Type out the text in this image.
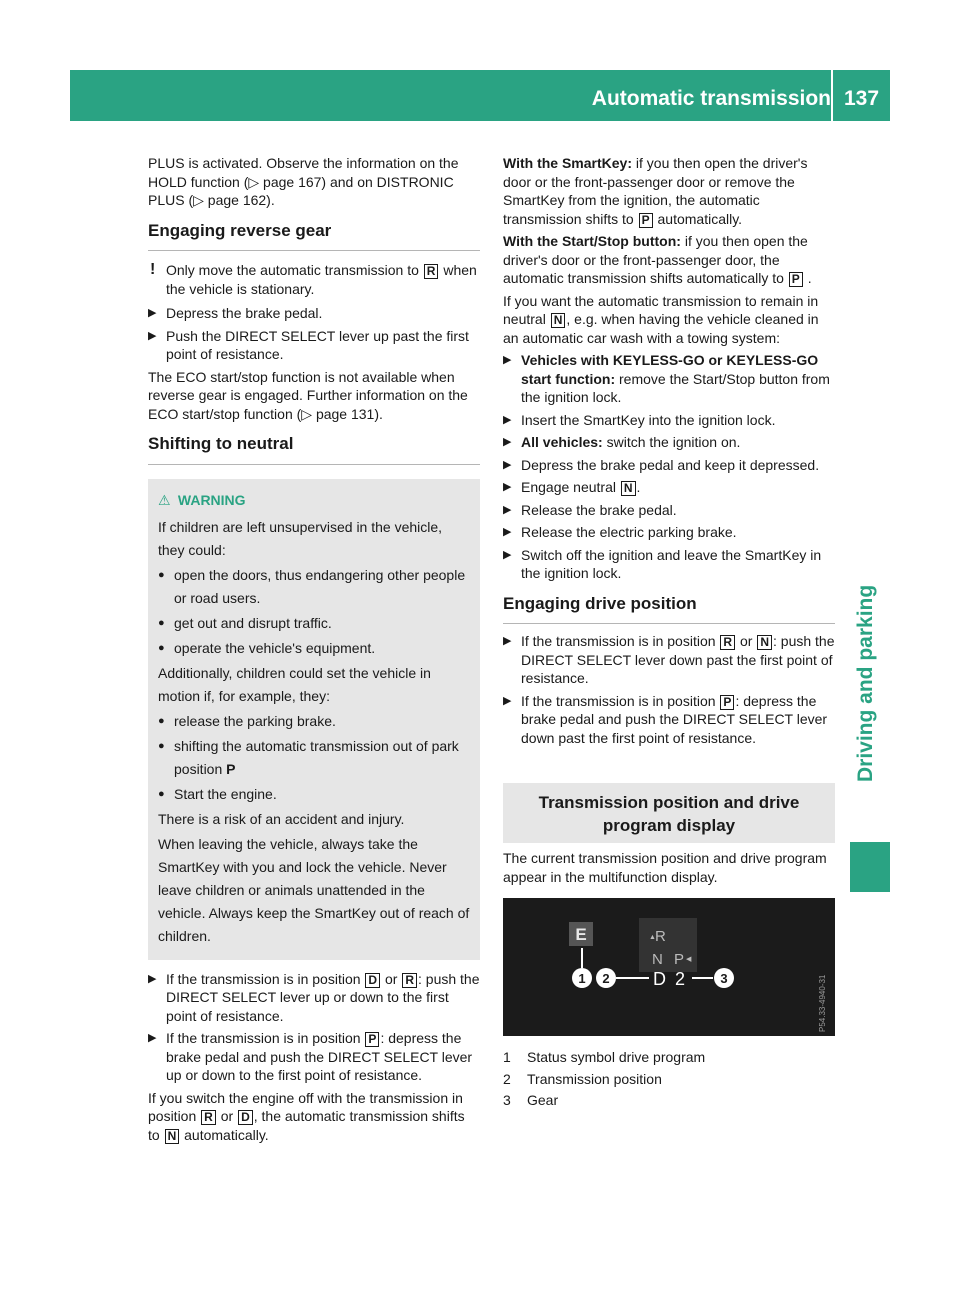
Automatic transmission 137
Driving and parking

PLUS is activated. Observe the information on the HOLD function (▷ page 167) and on DISTRONIC PLUS (▷ page 162).

Engaging reverse gear
! Only move the automatic transmission to R when the vehicle is stationary.
▶ Depress the brake pedal.
▶ Push the DIRECT SELECT lever up past the first point of resistance.

The ECO start/stop function is not available when reverse gear is engaged. Further information on the ECO start/stop function (▷ page 131).

Shifting to neutral
⚠ WARNING

If children are left unsupervised in the vehicle, they could:

● open the doors, thus endangering other people or road users.
● get out and disrupt traffic.
● operate the vehicle's equipment.

Additionally, children could set the vehicle in motion if, for example, they:

● release the parking brake.
● shifting the automatic transmission out of park position P
● Start the engine.

There is a risk of an accident and injury.

When leaving the vehicle, always take the SmartKey with you and lock the vehicle. Never leave children or animals unattended in the vehicle. Always keep the SmartKey out of reach of children.

▶ If the transmission is in position D or R : push the DIRECT SELECT lever up or down to the first point of resistance.
▶ If the transmission is in position P : depress the brake pedal and push the DIRECT SELECT lever up or down to the first point of resistance.

If you switch the engine off with the transmission in position R or D , the automatic transmission shifts to N automatically.

With the SmartKey: if you then open the driver's door or the front-passenger door or remove the SmartKey from the ignition, the automatic transmission shifts to P automatically.

With the Start/Stop button: if you then open the driver's door or the front-passenger door, the automatic transmission shifts automatically to P .

If you want the automatic transmission to remain in neutral N , e.g. when having the vehicle cleaned in an automatic car wash with a towing system:

▶ Vehicles with KEYLESS-GO or KEYLESS-GO start function: remove the Start/Stop button from the ignition lock.
▶ Insert the SmartKey into the ignition lock.
▶ All vehicles: switch the ignition on.
▶ Depress the brake pedal and keep it depressed.
▶ Engage neutral N .
▶ Release the brake pedal.
▶ Release the electric parking brake.
▶ Switch off the ignition and leave the SmartKey in the ignition lock.
Engaging drive position
▶ If the transmission is in position R or N : push the DIRECT SELECT lever down past the first point of resistance.
▶ If the transmission is in position P : depress the brake pedal and push the DIRECT SELECT lever down past the first point of resistance.
Transmission position and drive program display

The current transmission position and drive program appear in the multifunction display.

E	▲ R
N P ◀
D 2
1 2	3	P54.33-4940-31
1 Status symbol drive program
2 Transmission position
3 Gear
